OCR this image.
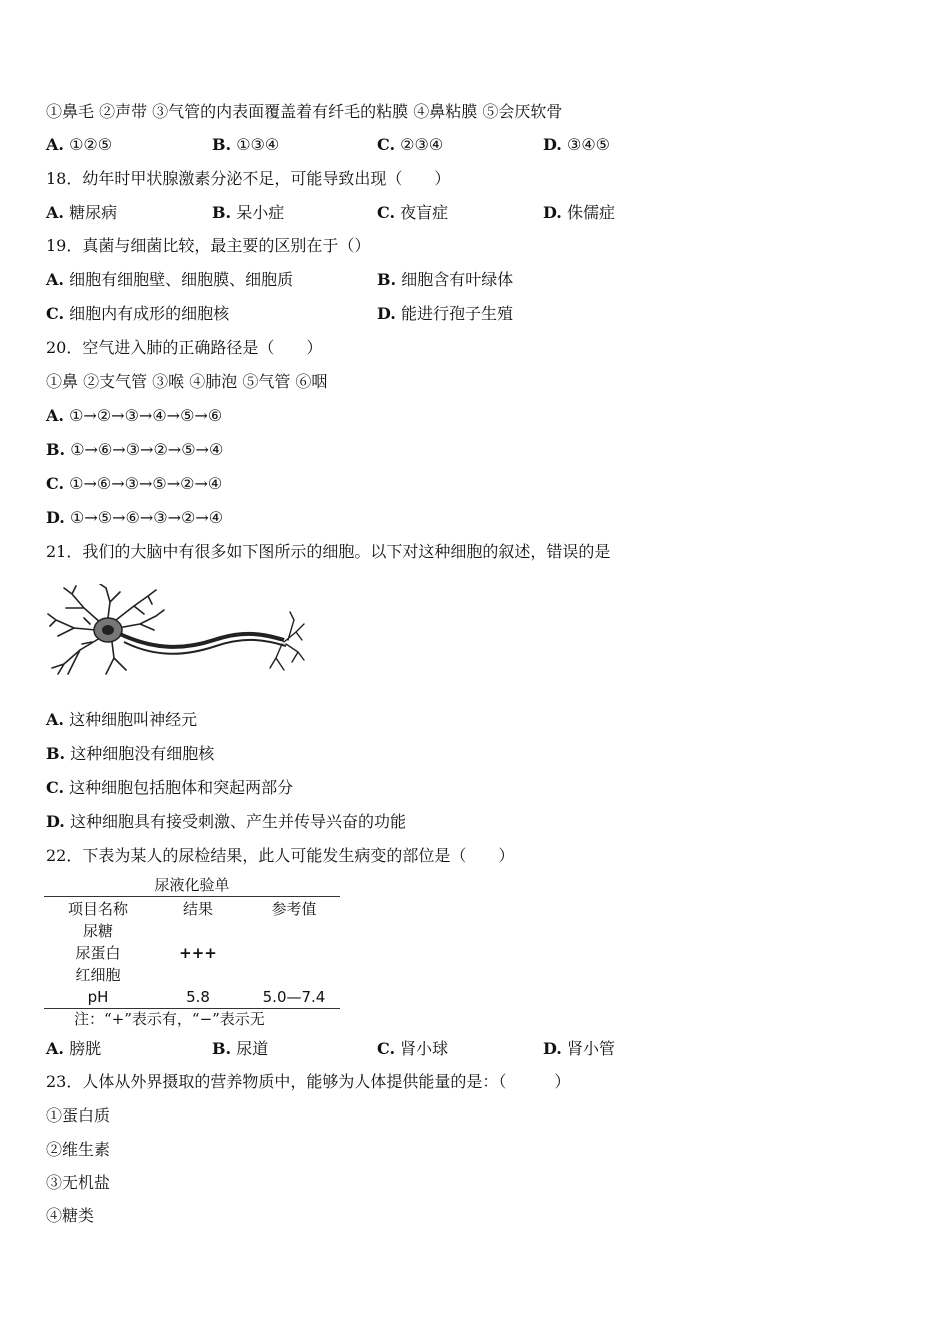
①鼻毛 ②声带 ③气管的内表面覆盖着有纤毛的粘膜 ④鼻粘膜 ⑤会厌软骨
A. ①②⑤	B. ①③④	C. ②③④	D. ③④⑤
18．幼年时甲状腺激素分泌不足，可能导致出现（　　）
A. 糖尿病	B. 呆小症	C. 夜盲症	D. 侏儒症
19．真菌与细菌比较，最主要的区别在于（）
A. 细胞有细胞壁、细胞膜、细胞质	B. 细胞含有叶绿体
C. 细胞内有成形的细胞核	D. 能进行孢子生殖
20．空气进入肺的正确路径是（　　）
①鼻 ②支气管 ③喉 ④肺泡 ⑤气管 ⑥咽
A. ①→②→③→④→⑤→⑥
B. ①→⑥→③→②→⑤→④
C. ①→⑥→③→⑤→②→④
D. ①→⑤→⑥→③→②→④
21．我们的大脑中有很多如下图所示的细胞。以下对这种细胞的叙述，错误的是
A. 这种细胞叫神经元
B. 这种细胞没有细胞核
C. 这种细胞包括胞体和突起两部分
D. 这种细胞具有接受刺激、产生并传导兴奋的功能
22．下表为某人的尿检结果，此人可能发生病变的部位是（　　）
尿液化验单
项目名称	结果	参考值
尿糖
尿蛋白	+++
红细胞
pH	5.8	5.0—7.4
注：“+”表示有，“−”表示无
A. 膀胱	B. 尿道	C. 肾小球	D. 肾小管
23．人体从外界摄取的营养物质中，能够为人体提供能量的是：（　　　）
①蛋白质
②维生素
③无机盐
④糖类
